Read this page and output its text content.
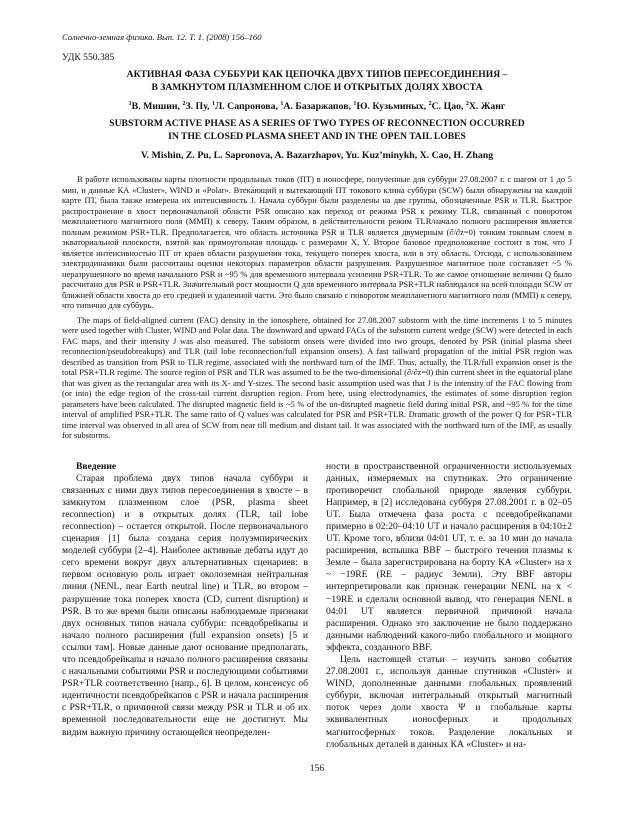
Солнечно-земная физика. Вып. 12. Т. 1. (2008) 156–160
УДК 550.385
АКТИВНАЯ ФАЗА СУББУРИ КАК ЦЕПОЧКА ДВУХ ТИПОВ ПЕРЕСОЕДИНЕНИЯ –
В ЗАМКНУТОМ ПЛАЗМЕННОМ СЛОЕ И ОТКРЫТЫХ ДОЛЯХ ХВОСТА
$^1$В. Мишин, $^2$З. Пу, $^1$Л. Сапронова, $^1$А. Базаржапов, $^1$Ю. Кузьминых, $^2$С. Цао, $^2$Х. Жанг
SUBSTORM ACTIVE PHASE AS A SERIES OF TWO TYPES OF RECONNECTION OCCURRED
IN THE CLOSED PLASMA SHEET AND IN THE OPEN TAIL LOBES
V. Mishin, Z. Pu, L. Sapronova, A. Bazarzhapov, Yu. Kuz’minykh, X. Cao, H. Zhang

В работе использованы карты плотности продольных токов (ПТ) в ионосфере, полученные для суббури 27.08.2007 г. с шагом от 1 до 5 мин, и данные КА «Cluster», WIND и «Polar». Втекающий и вытекающий ПТ токового клина суббури (SCW) были обнаружены на каждой карте ПТ, была также измерена их интенсивность J. Начала суббури были разделены на две группы, обозначенные PSR и TLR. Быстрое распространение в хвост первоначальной области PSR описано как переход от режима PSR к режиму TLR, связанный с поворотом межпланетного магнитного поля (ММП) к северу. Таким образом, в действительности режим TLR/начало полного расширения является полным режимом PSR+TLR. Предполагается, что область источника PSR и TLR является двумерным (∂/∂z=0) тонким токовым слоем в экваториальной плоскости, взятой как прямоугольная площадь с размерами X, Y. Второе базовое предположение состоит в том, что J является интенсивностью ПТ от краев области разрушения тока, текущего поперек хвоста, или в эту область. Отсюда, с использованием электродинамики были рассчитаны оценки некоторых параметров области разрушения. Разрушенное магнитное поле составляет ~5 % неразрушенного во время начального PSR и ~95 % для временного интервала усиления PSR+TLR. То же самое отношение величин Q было рассчитано для PSR и PSR+TLR. Значительный рост мощности Q для временного интервала PSR+TLR наблюдался на всей площади SCW от ближней области хвоста до его средней и удаленной части. Это было связано с поворотом межпланетного магнитного поля (ММП) к северу, что типично для суббурь.

The maps of field-aligned current (FAC) density in the ionosphere, obtained for 27.08.2007 substorm with the time increments 1 to 5 minutes were used together with Cluster, WIND and Polar data. The downward and upward FACs of the substorm current wedge (SCW) were detected in each FAC maps, and their intensity J was also measured. The substorm onsets were divided into two groups, denoted by PSR (initial plasma sheet reconnection/pseudobreakups) and TLR (tail lobe reconnection/full expansion onsets). A fast tailward propagation of the initial PSR region was described as transition from PSR to TLR regime, associated with the northward turn of the IMF. Thus, actually, the TLR/full expansion onset is the total PSR+TLR regime. The source region of PSR and TLR was assumed to be the two-dimensional (∂/∂z=0) thin current sheet in the equatorial plane that was given as the rectangular area with its X- and Y-sizes. The second basic assumption used was that J is the intensity of the FAC flowing from (or into) the edge region of the cross-tail current disruption region. From here, using electrodynamics, the estimates of some disruption region parameters have been calculated. The disrupted magnetic field is ~5 % of the un-disrupted magnetic field during initial PSR, and ~95 % for the time interval of amplified PSR+TLR. The same ratio of Q values was calculated for PSR and PSR+TLR. Dramatic growth of the power Q for PSR+TLR time interval was observed in all area of SCW from near till medium and distant tail. It was associated with the northward turn of the IMF, as usually for substorms.

Введение

Старая проблема двух типов начала суббури и связанных с ними двух типов пересоединения в хвосте – в замкнутом плазменном слое (PSR, plasma sheet reconnection) и в открытых долях (TLR, tail lobe reconnection) – остается открытой. После первоначального сценария [1] была создана серия полуэмпирических моделей суббури [2–4]. Наиболее активные дебаты идут до сего времени вокруг двух альтернативных сценариев: в первом основную роль играет околоземная нейтральная линия (NENL, near Earth neutral line) и TLR, во втором – разрушение тока поперек хвоста (CD, current disruption) и PSR. В то же время были описаны наблюдаемые признаки двух основных типов начала суббури: псевдобрейкапы и начало полного расширения (full expansion onsets) [5 и ссылки там]. Новые данные дают основание предполагать, что псевдобрейкапы и начало полного расширения связаны с начальными событиями PSR и последующими событиями PSR+TLR соответственно [напр., 6]. В целом, консенсус об идентичности псевдобрейкапов с PSR и начала расширения с PSR+TLR, о причинной связи между PSR и TLR и об их временной последовательности еще не достигнут. Мы видим важную причину остающейся неопределен-

ности в пространственной ограниченности используемых данных, измеряемых на спутниках. Это ограничение противоречит глобальной природе явления суббури. Например, в [2] исследована суббуря 27.08.2001 г. в 02–05 UT. Была отмечена фаза роста с псевдобрейкапами примерно в 02:20–04:10 UT и начало расширения в 04:10±2 UT. Кроме того, вблизи 04:01 UT, т. е. за 10 мин до начала расширения, вспышка BBF – быстрого течения плазмы к Земле – была зарегистрирована на борту КА «Cluster» на x ~ −19RE (RE – радиус Земли). Эту BBF авторы интерпретировали как признак генерации NENL на x < −19RE и сделали основной вывод, что генерация NENL в 04:01 UT является первичной причиной начала расширения. Однако это заключение не было поддержано данными наблюдений какого-либо глобального и мощного эффекта, созданного BBF.

Цель настоящей статьи – изучить заново события 27.08.2001 г., используя данные спутников «Cluster» и WIND, дополненные данными глобальных проявлений суббури, включая интегральный открытый магнитный поток через доли хвоста Ψ и глобальные карты эквивалентных ионосферных и продольных магнитосферных токов. Разделение локальных и глобальных деталей в данных КА «Cluster» и на-

156
